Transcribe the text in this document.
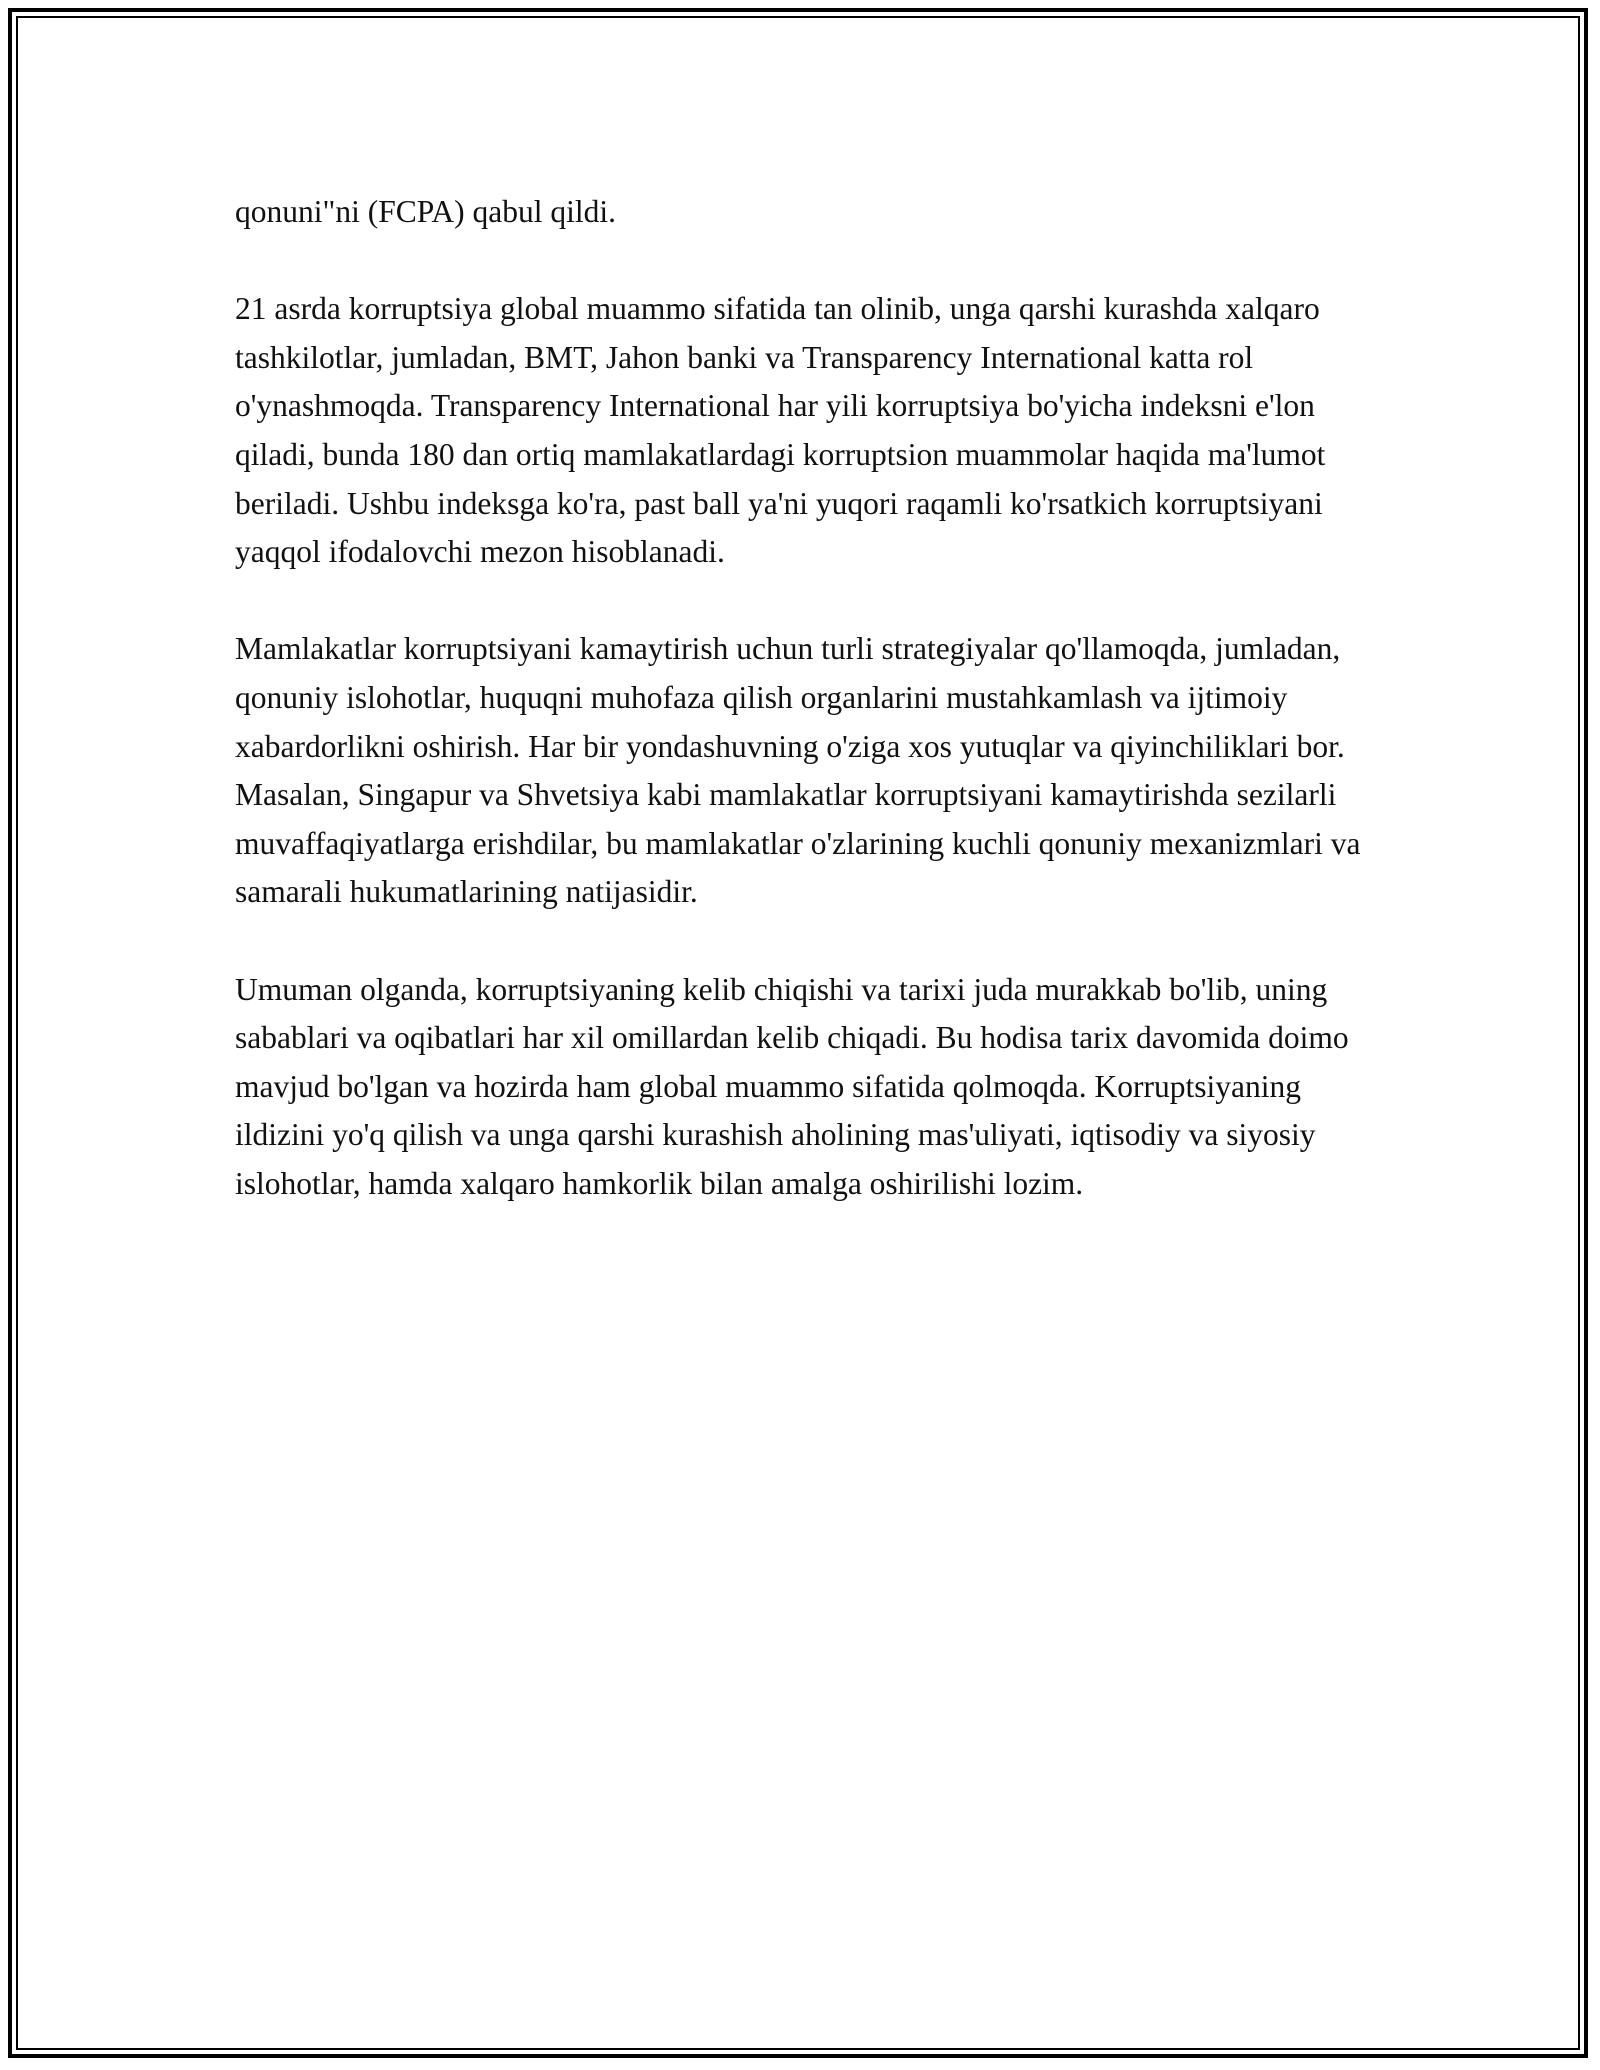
qonuni"ni (FCPA) qabul qildi.

21 asrda korruptsiya global muammo sifatida tan olinib, unga qarshi kurashda xalqaro tashkilotlar, jumladan, BMT, Jahon banki va Transparency International katta rol o'ynashmoqda. Transparency International har yili korruptsiya bo'yicha indeksni e'lon qiladi, bunda 180 dan ortiq mamlakatlardagi korruptsion muammolar haqida ma'lumot beriladi. Ushbu indeksga ko'ra, past ball ya'ni yuqori raqamli ko'rsatkich korruptsiyani yaqqol ifodalovchi mezon hisoblanadi.

Mamlakatlar korruptsiyani kamaytirish uchun turli strategiyalar qo'llamoqda, jumladan, qonuniy islohotlar, huquqni muhofaza qilish organlarini mustahkamlash va ijtimoiy xabardorlikni oshirish. Har bir yondashuvning o'ziga xos yutuqlar va qiyinchiliklari bor. Masalan, Singapur va Shvetsiya kabi mamlakatlar korruptsiyani kamaytirishda sezilarli muvaffaqiyatlarga erishdilar, bu mamlakatlar o'zlarining kuchli qonuniy mexanizmlari va samarali hukumatlarining natijasidir.

Umuman olganda, korruptsiyaning kelib chiqishi va tarixi juda murakkab bo'lib, uning sabablari va oqibatlari har xil omillardan kelib chiqadi. Bu hodisa tarix davomida doimo mavjud bo'lgan va hozirda ham global muammo sifatida qolmoqda. Korruptsiyaning ildizini yo'q qilish va unga qarshi kurashish aholining mas'uliyati, iqtisodiy va siyosiy islohotlar, hamda xalqaro hamkorlik bilan amalga oshirilishi lozim.
